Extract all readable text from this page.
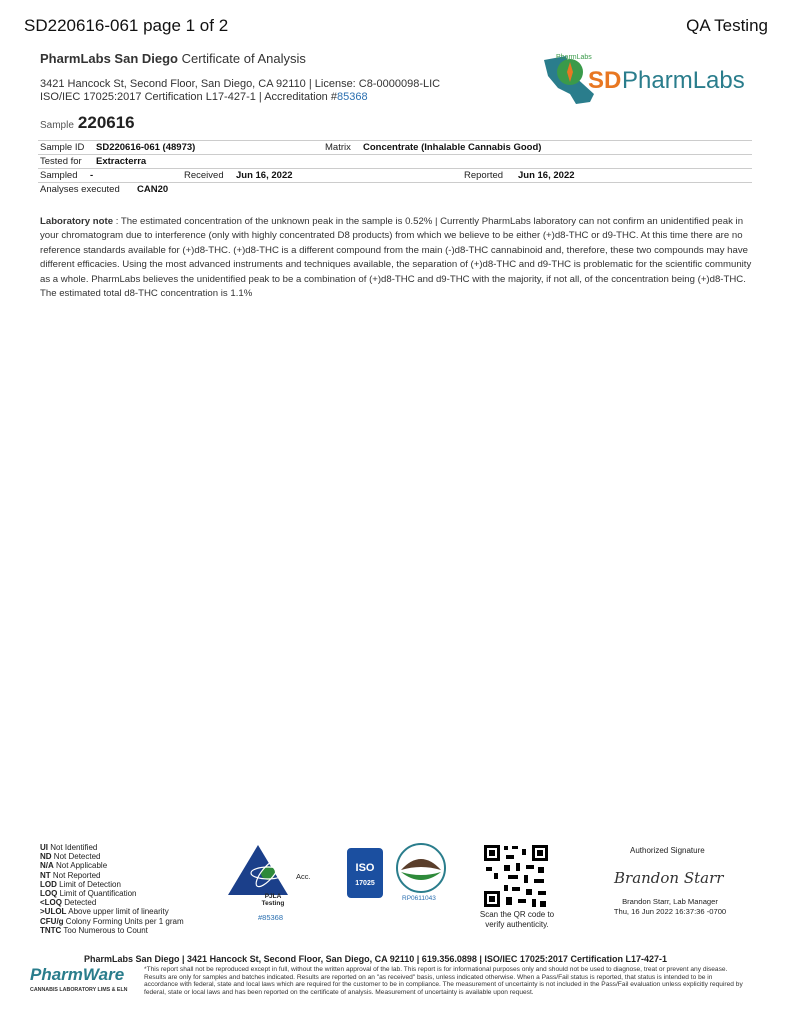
SD220616-061 page 1 of 2	QA Testing
PharmLabs San Diego Certificate of Analysis
3421 Hancock St, Second Floor, San Diego, CA 92110 | License: C8-0000098-LIC
ISO/IEC 17025:2017 Certification L17-427-1 | Accreditation #85368
PharmLabs
SD PharmLabs
Sample 220616
Sample ID SD220616-061 (48973)	Matrix Concentrate (Inhalable Cannabis Good)
Tested for Extracterra
Sampled -	Received Jun 16, 2022	Reported Jun 16, 2022
Analyses executed CAN20
Laboratory note : The estimated concentration of the unknown peak in the sample is 0.52% | Currently PharmLabs laboratory can not confirm an unidentified peak in your chromatogram due to interference (only with highly concentrated D8 products) from which we believe to be either (+)d8-THC or d9-THC. At this time there are no reference standards available for (+)d8-THC. (+)d8-THC is a different compound from the main (-)d8-THC cannabinoid and, therefore, these two compounds may have different efficacies. Using the most advanced instruments and techniques available, the separation of (+)d8-THC and d9-THC is problematic for the scientific community as a whole. PharmLabs believes the unidentified peak to be a combination of (+)d8-THC and d9-THC with the majority, if not all, of the concentration being (+)d8-THC. The estimated total d8-THC concentration is 1.1%
UI Not Identified
ND Not Detected
N/A Not Applicable
NT Not Reported
LOD Limit of Detection
LOQ Limit of Quantification
<LOQ Detected
>ULOL Above upper limit of linearity
CFU/g Colony Forming Units per 1 gram
TNTC Too Numerous to Count
PJLA
Testing
#85368
Acc.
ISO
17025
RP0611043
Scan the QR code to verify authenticity.
Authorized Signature
Brandon Starr
Brandon Starr, Lab Manager
Thu, 16 Jun 2022 16:37:36 -0700
PharmLabs San Diego | 3421 Hancock St, Second Floor, San Diego, CA 92110 | 619.356.0898 | ISO/IEC 17025:2017 Certification L17-427-1
PharmWare
CANNABIS LABORATORY LIMS & ELN
*This report shall not be reproduced except in full, without the written approval of the lab. This report is for informational purposes only and should not be used to diagnose, treat or prevent any disease. Results are only for samples and batches indicated. Results are reported on an "as received" basis, unless indicated otherwise. When a Pass/Fail status is reported, that status is intended to be in accordance with federal, state and local laws which are required for the customer to be in compliance. The measurement of uncertainty is not included in the Pass/Fail evaluation unless explicitly required by federal, state or local laws and has been reported on the certificate of analysis. Measurement of uncertainty is available upon request.
